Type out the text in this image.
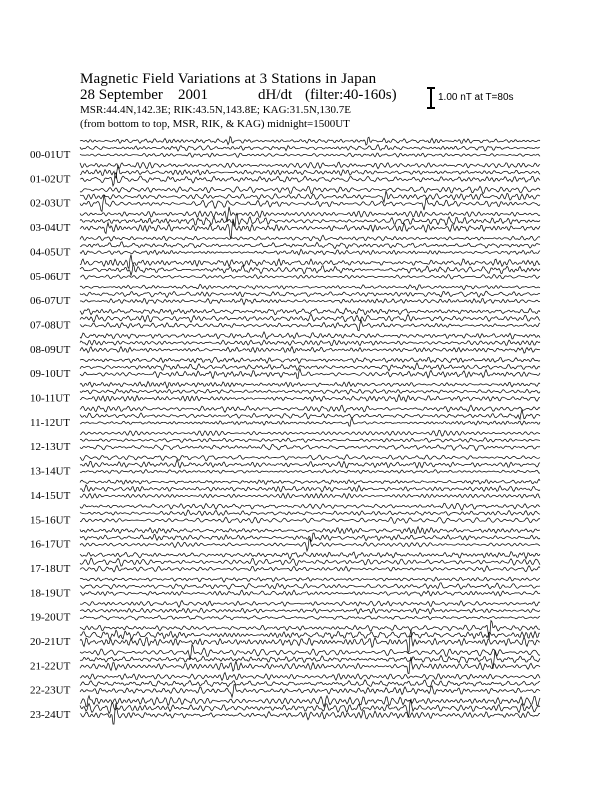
Magnetic Field Variations at 3 Stations in Japan
28 September 2001	dH/dt (filter:40-160s)
MSR:44.4N,142.3E; RIK:43.5N,143.8E; KAG:31.5N,130.7E
(from bottom to top, MSR, RIK, & KAG) midnight=1500UT
1.00 nT at T=80s
00-01UT
01-02UT
02-03UT
03-04UT
04-05UT
05-06UT
06-07UT
07-08UT
08-09UT
09-10UT
10-11UT
11-12UT
12-13UT
13-14UT
14-15UT
15-16UT
16-17UT
17-18UT
18-19UT
19-20UT
20-21UT
21-22UT
22-23UT
23-24UT
